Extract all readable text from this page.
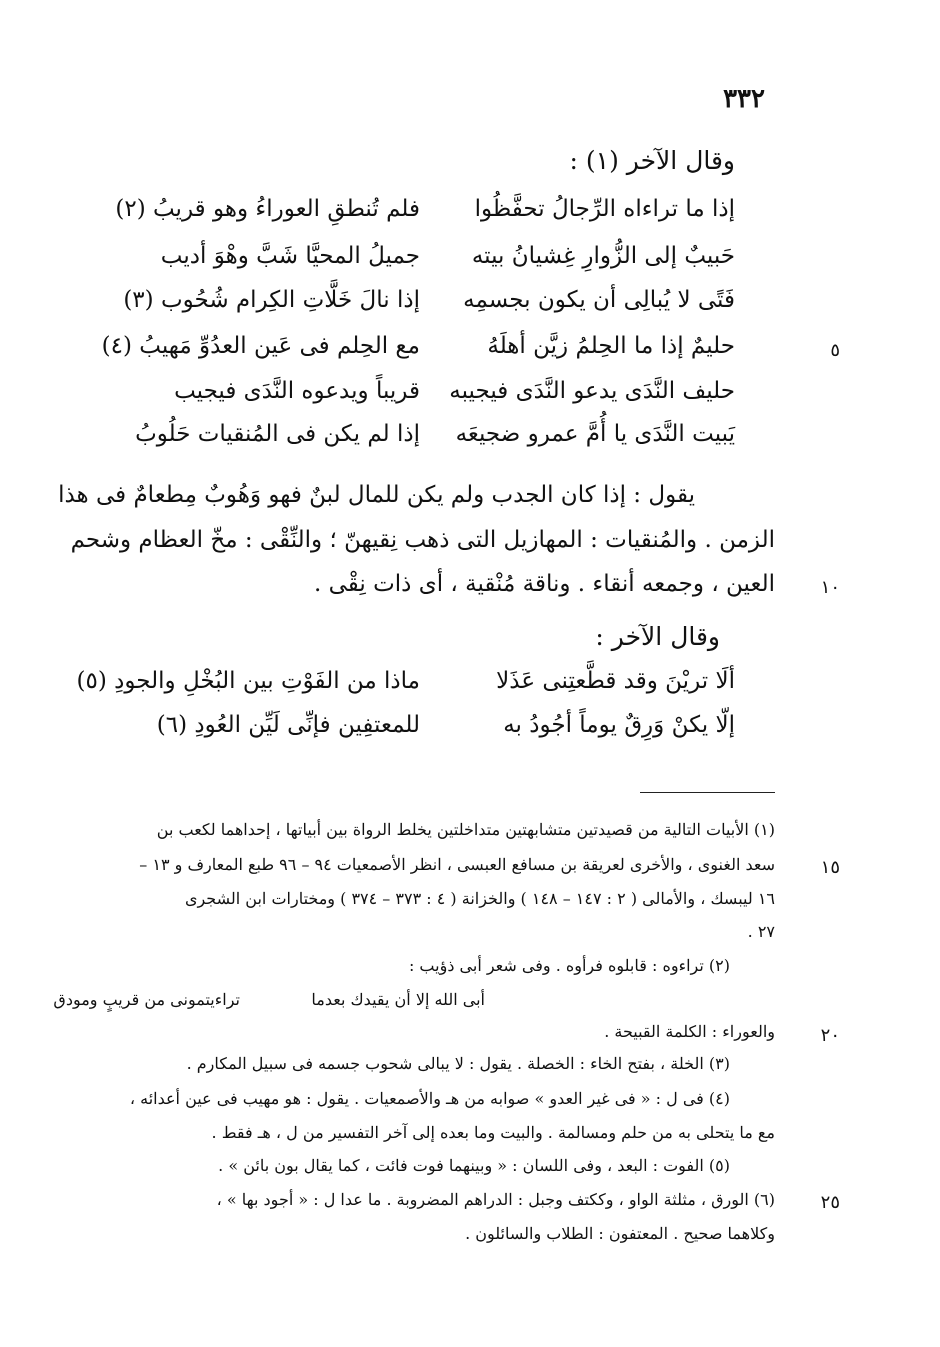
٣٣٢
وقال الآخر (١) :
إذا ما تراءاه الرِّجالُ تحفَّظُوا
فلم تُنطقِ العوراءُ وهو قريبُ (٢)
حَبيبٌ إلى الزُّوارِ غِشيانُ بيته
جميلُ المحيَّا شَبَّ وهْوَ أديب
فَتًى لا يُبالِى أن يكون بجسمِه
إذا نالَ خَلَّاتِ الكِرام شُحُوب (٣)
٥
حليمٌ إذا ما الحِلمُ زيَّن أهلَهُ
مع الحِلم فى عَين العدُوِّ مَهيبُ (٤)
حليف النَّدَى يدعو النَّدَى فيجيبه
قريباً ويدعوه النَّدَى فيجيب
يَبيت النَّدَى يا أُمَّ عمرو ضجيعَه
إذا لم يكن فى المُنقيات حَلُوبُ
يقول : إذا كان الجدب ولم يكن للمال لبنٌ فهو وَهُوبٌ مِطعامٌ فى هذا
الزمن . والمُنقيات : المهازيل التى ذهب نِقيهنّ ؛ والنِّقْى : مخّ العظام وشحم
١٠
العين ، وجمعه أنقاء . وناقة مُنْقية ، أى ذات نِقْى .
وقال الآخر :
ألَا تريْنَ وقد قطَّعتِنى عَذَلا
ماذا من الفَوْتِ بين البُخْلِ والجودِ (٥)
إلّا يكنْ وَرِقٌ يوماً أجُودُ به
للمعتفِين فإنِّى لَيِّن العُودِ (٦)
(١) الأبيات التالية من قصيدتين متشابهتين متداخلتين يخلط الرواة بين أبياتها ، إحداهما لكعب بن
١٥
سعد الغنوى ، والأخرى لعريقة بن مسافع العبسى ، انظر الأصمعيات ٩٤ – ٩٦ طبع المعارف و ١٣ –
١٦ ليبسك ، والأمالى ( ٢ : ١٤٧ – ١٤٨ ) والخزانة ( ٤ : ٣٧٣ – ٣٧٤ ) ومختارات ابن الشجرى
٢٧ .
(٢) تراءوه : قابلوه فرأوه . وفى شعر أبى ذؤيب :
أبى الله إلا أن يقيدك بعدما
تراءيتمونى من قريبٍ ومودق
٢٠
والعوراء : الكلمة القبيحة .
(٣) الخلة ، بفتح الخاء : الخصلة . يقول : لا يبالى شحوب جسمه فى سبيل المكارم .
(٤) فى ل : « فى غير العدو » صوابه من هـ والأصمعيات . يقول : هو مهيب فى عين أعدائه ،
مع ما يتحلى به من حلم ومسالمة . والبيت وما بعده إلى آخر التفسير من ل ، هـ فقط .
(٥) الفوت : البعد ، وفى اللسان : « وبينهما فوت فائت ، كما يقال بون بائن » .
٢٥
(٦) الورق ، مثلثة الواو ، وككتف وجبل : الدراهم المضروبة . ما عدا ل : « أجود بها » ،
وكلاهما صحيح . المعتفون : الطلاب والسائلون .
